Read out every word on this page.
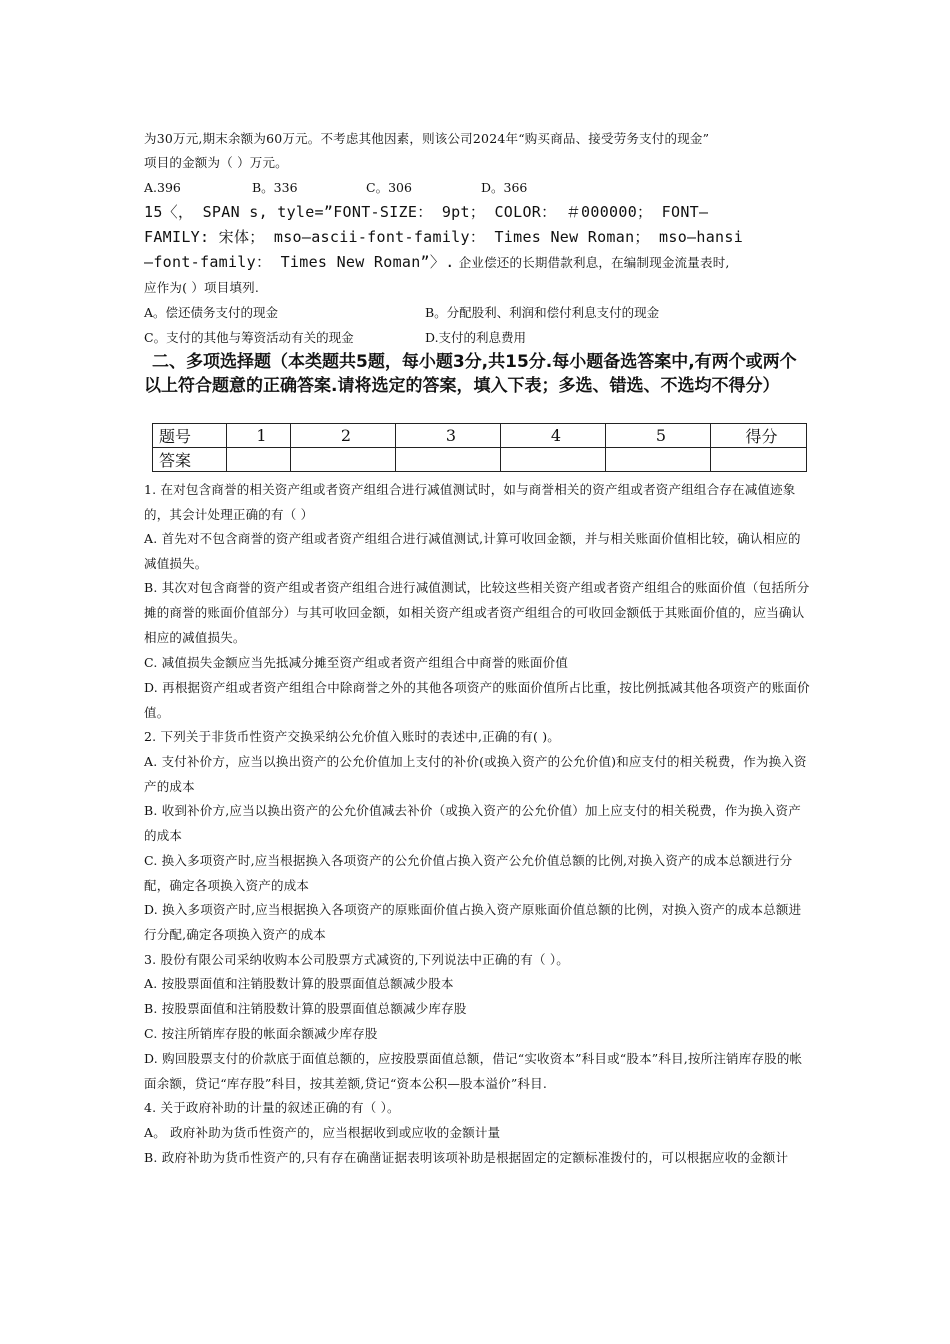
为30万元,期末余额为60万元。不考虑其他因素，则该公司2024年“购买商品、接受劳务支付的现金”
项目的金额为（ ）万元。
A.396	B。336	C。306	D。366
15〈， SPAN s, tyle=”FONT-SIZE： 9pt； COLOR： ＃000000； FONT—
FAMILY: 宋体； mso—ascii-font-family： Times New Roman； mso—hansi
—font-family： Times New Roman”〉. 企业偿还的长期借款利息，在编制现金流量表时,
应作为( ）项目填列.
A。偿还债务支付的现金	B。分配股利、利润和偿付利息支付的现金
C。支付的其他与筹资活动有关的现金	D.支付的利息费用
二、多项选择题（本类题共5题，每小题3分,共15分.每小题备选答案中,有两个或两个以上符合题意的正确答案.请将选定的答案，填入下表；多选、错选、不选均不得分）
题号	1	2	3	4	5	得分
答案						
1. 在对包含商誉的相关资产组或者资产组组合进行减值测试时，如与商誉相关的资产组或者资产组组合存在减值迹象的，其会计处理正确的有（ ）
A. 首先对不包含商誉的资产组或者资产组组合进行减值测试,计算可收回金额，并与相关账面价值相比较，确认相应的减值损失。
B. 其次对包含商誉的资产组或者资产组组合进行减值测试，比较这些相关资产组或者资产组组合的账面价值（包括所分摊的商誉的账面价值部分）与其可收回金额，如相关资产组或者资产组组合的可收回金额低于其账面价值的，应当确认相应的减值损失。
C. 减值损失金额应当先抵减分摊至资产组或者资产组组合中商誉的账面价值
D. 再根据资产组或者资产组组合中除商誉之外的其他各项资产的账面价值所占比重，按比例抵减其他各项资产的账面价值。
2. 下列关于非货币性资产交换采纳公允价值入账时的表述中,正确的有( )。
A. 支付补价方，应当以换出资产的公允价值加上支付的补价(或换入资产的公允价值)和应支付的相关税费，作为换入资产的成本
B. 收到补价方,应当以换出资产的公允价值减去补价（或换入资产的公允价值）加上应支付的相关税费，作为换入资产的成本
C. 换入多项资产时,应当根据换入各项资产的公允价值占换入资产公允价值总额的比例,对换入资产的成本总额进行分配，确定各项换入资产的成本
D. 换入多项资产时,应当根据换入各项资产的原账面价值占换入资产原账面价值总额的比例，对换入资产的成本总额进行分配,确定各项换入资产的成本
3. 股份有限公司采纳收购本公司股票方式减资的,下列说法中正确的有（ ）。
A. 按股票面值和注销股数计算的股票面值总额减少股本
B. 按股票面值和注销股数计算的股票面值总额减少库存股
C. 按注所销库存股的帐面余额减少库存股
D. 购回股票支付的价款底于面值总额的，应按股票面值总额，借记“实收资本”科目或“股本”科目,按所注销库存股的帐面余额，贷记“库存股”科目，按其差额,贷记“资本公积—股本溢价”科目.
4. 关于政府补助的计量的叙述正确的有（ ）。
A。 政府补助为货币性资产的，应当根据收到或应收的金额计量
B. 政府补助为货币性资产的,只有存在确凿证据表明该项补助是根据固定的定额标准拨付的，可以根据应收的金额计
